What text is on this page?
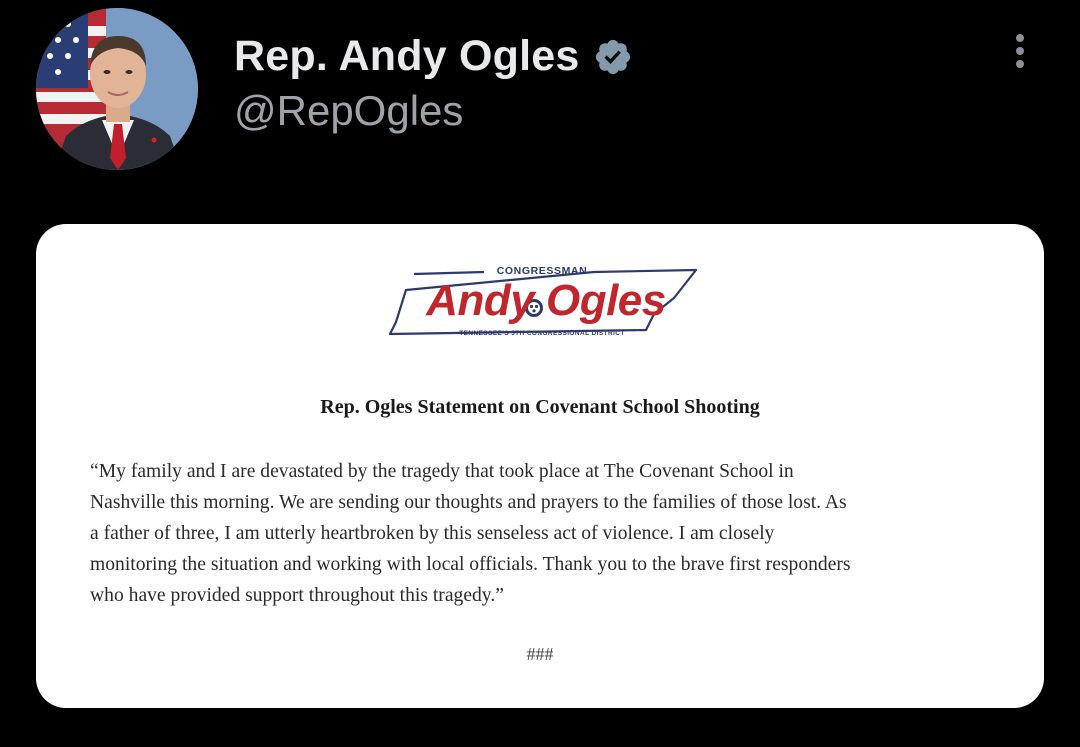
Rep. Andy Ogles
@RepOgles
CONGRESSMAN
Andy Ogles
TENNESSEE'S 5TH CONGRESSIONAL DISTRICT
Rep. Ogles Statement on Covenant School Shooting
“My family and I are devastated by the tragedy that took place at The Covenant School in
Nashville this morning. We are sending our thoughts and prayers to the families of those lost. As
a father of three, I am utterly heartbroken by this senseless act of violence. I am closely
monitoring the situation and working with local officials. Thank you to the brave first responders
who have provided support throughout this tragedy.”
###
